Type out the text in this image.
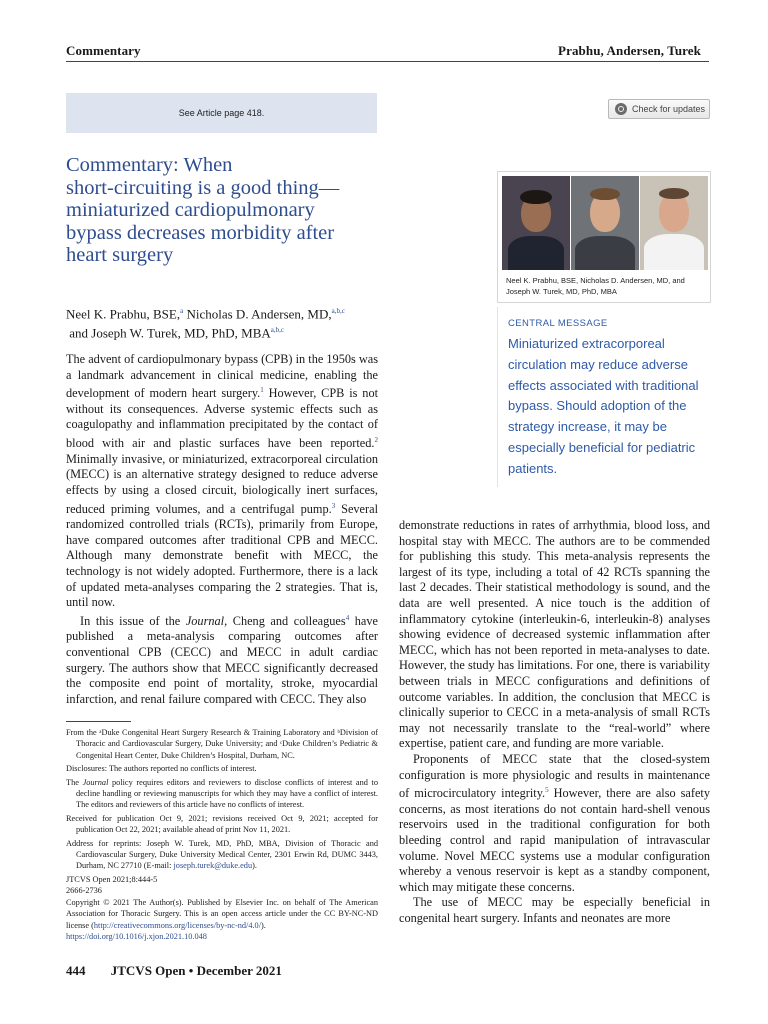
Commentary	Prabhu, Andersen, Turek
See Article page 418.	Check for updates
Commentary: When
short-circuiting is a good thing—
miniaturized cardiopulmonary
bypass decreases morbidity after
heart surgery
Neel K. Prabhu, BSE,$^a$ Nicholas D. Andersen, MD,$^{a,b,c}$
and Joseph W. Turek, MD, PhD, MBA$^{a,b,c}$

The advent of cardiopulmonary bypass (CPB) in the 1950s was a landmark advancement in clinical medicine, enabling the development of modern heart surgery.$^1$ However, CPB is not without its consequences. Adverse systemic effects such as coagulopathy and inflammation precipitated by the contact of blood with air and plastic surfaces have been reported.$^2$ Minimally invasive, or miniaturized, extracorporeal circulation (MECC) is an alternative strategy designed to reduce adverse effects by using a closed circuit, biologically inert surfaces, reduced priming volumes, and a centrifugal pump.$^3$ Several randomized controlled trials (RCTs), primarily from Europe, have compared outcomes after traditional CPB and MECC. Although many demonstrate benefit with MECC, the technology is not widely adopted. Furthermore, there is a lack of updated meta-analyses comparing the 2 strategies. That is, until now.

In this issue of the Journal, Cheng and colleagues$^4$ have published a meta-analysis comparing outcomes after conventional CPB (CECC) and MECC in adult cardiac surgery. The authors show that MECC significantly decreased the composite end point of mortality, stroke, myocardial infarction, and renal failure compared with CECC. They also

From the ᵃDuke Congenital Heart Surgery Research & Training Laboratory and ᵇDivision of Thoracic and Cardiovascular Surgery, Duke University; and ᶜDuke Children’s Pediatric & Congenital Heart Center, Duke Children’s Hospital, Durham, NC.

Disclosures: The authors reported no conflicts of interest.

The Journal policy requires editors and reviewers to disclose conflicts of interest and to decline handling or reviewing manuscripts for which they may have a conflict of interest. The editors and reviewers of this article have no conflicts of interest.

Received for publication Oct 9, 2021; revisions received Oct 9, 2021; accepted for publication Oct 22, 2021; available ahead of print Nov 11, 2021.

Address for reprints: Joseph W. Turek, MD, PhD, MBA, Division of Thoracic and Cardiovascular Surgery, Duke University Medical Center, 2301 Erwin Rd, DUMC 3443, Durham, NC 27710 (E-mail: joseph.turek@duke.edu).

JTCVS Open 2021;8:444-5

2666-2736

Copyright © 2021 The Author(s). Published by Elsevier Inc. on behalf of The American Association for Thoracic Surgery. This is an open access article under the CC BY-NC-ND license (http://creativecommons.org/licenses/by-nc-nd/4.0/).

https://doi.org/10.1016/j.xjon.2021.10.048

444 JTCVS Open • December 2021
Neel K. Prabhu, BSE, Nicholas D. Andersen, MD, and
Joseph W. Turek, MD, PhD, MBA
CENTRAL MESSAGE
Miniaturized extracorporeal circulation may reduce adverse effects associated with traditional bypass. Should adoption of the strategy increase, it may be especially beneficial for pediatric patients.

demonstrate reductions in rates of arrhythmia, blood loss, and hospital stay with MECC. The authors are to be commended for publishing this study. This meta-analysis represents the largest of its type, including a total of 42 RCTs spanning the last 2 decades. Their statistical methodology is sound, and the data are well presented. A nice touch is the addition of inflammatory cytokine (interleukin-6, interleukin-8) analyses showing evidence of decreased systemic inflammation after MECC, which has not been reported in meta-analyses to date. However, the study has limitations. For one, there is variability between trials in MECC configurations and definitions of outcome variables. In addition, the conclusion that MECC is clinically superior to CECC in a meta-analysis of small RCTs may not necessarily translate to the “real-world” where expertise, patient care, and funding are more variable.

Proponents of MECC state that the closed-system configuration is more physiologic and results in maintenance of microcirculatory integrity.$^5$ However, there are also safety concerns, as most iterations do not contain hard-shell venous reservoirs used in the traditional configuration for both bleeding control and rapid manipulation of intravascular volume. Novel MECC systems use a modular configuration whereby a venous reservoir is kept as a standby component, which may mitigate these concerns.

The use of MECC may be especially beneficial in congenital heart surgery. Infants and neonates are more
